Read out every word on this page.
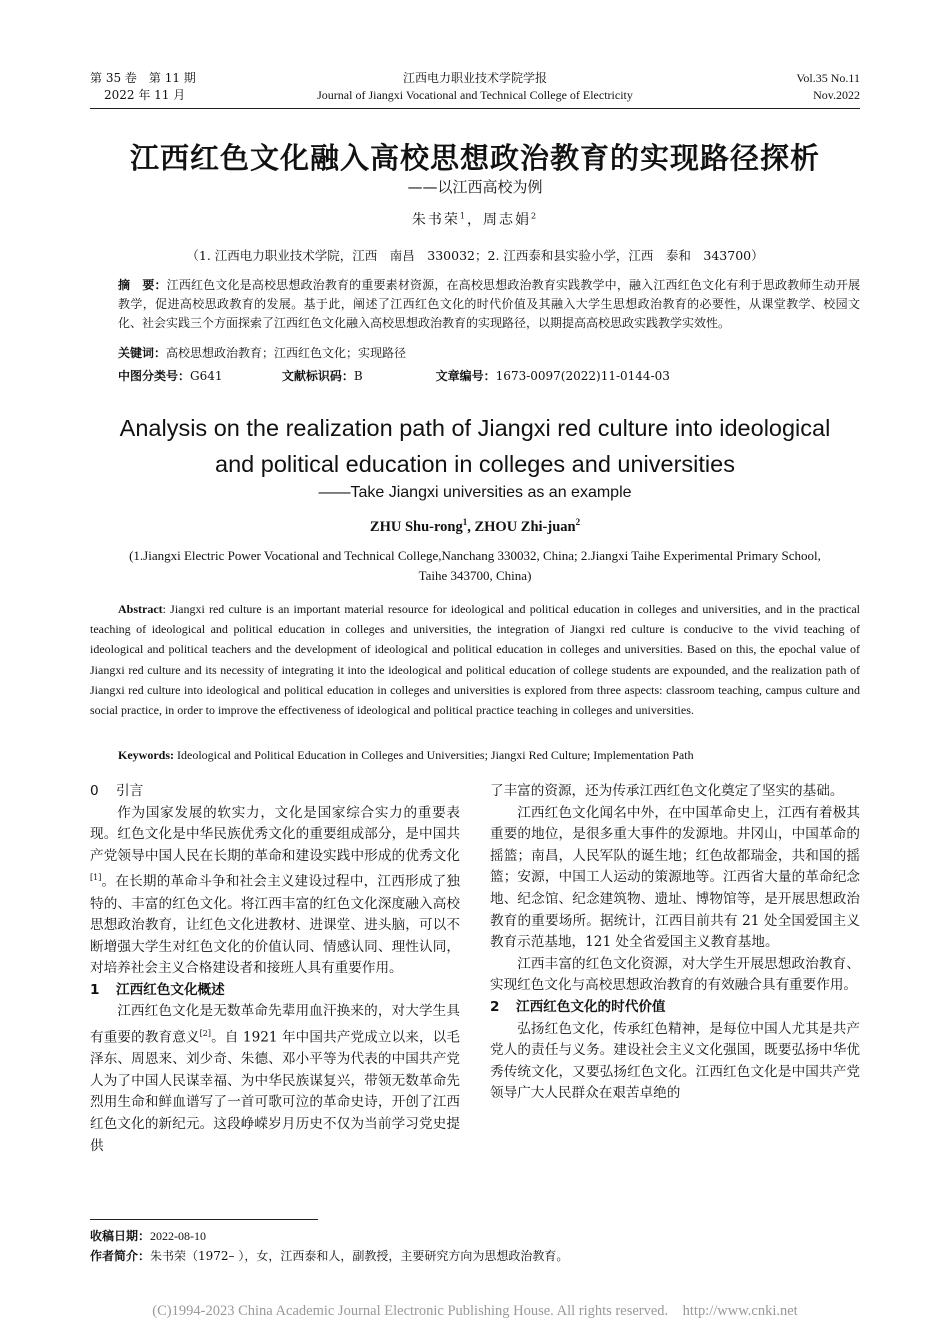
第 35 卷　第 11 期
2022 年 11 月
江西电力职业技术学院学报
Journal of Jiangxi Vocational and Technical College of Electricity
Vol.35 No.11
Nov.2022
江西红色文化融入高校思想政治教育的实现路径探析
——以江西高校为例
朱书荣$^1$，周志娟$^2$
（1. 江西电力职业技术学院，江西　南昌　330032；2. 江西泰和县实验小学，江西　泰和　343700）
摘　要：江西红色文化是高校思想政治教育的重要素材资源，在高校思想政治教育实践教学中，融入江西红色文化有利于思政教师生动开展教学，促进高校思政教育的发展。基于此，阐述了江西红色文化的时代价值及其融入大学生思想政治教育的必要性，从课堂教学、校园文化、社会实践三个方面探索了江西红色文化融入高校思想政治教育的实现路径，以期提高高校思政实践教学实效性。
关键词：高校思想政治教育；江西红色文化；实现路径
中图分类号：G641	文献标识码：B	文章编号：1673-0097(2022)11-0144-03
Analysis on the realization path of Jiangxi red culture into ideological
and political education in colleges and universities
——Take Jiangxi universities as an example
ZHU Shu-rong$^1$, ZHOU Zhi-juan$^2$
(1.Jiangxi Electric Power Vocational and Technical College,Nanchang 330032, China; 2.Jiangxi Taihe Experimental Primary School,
Taihe 343700, China)
Abstract: Jiangxi red culture is an important material resource for ideological and political education in colleges and universities, and in the practical teaching of ideological and political education in colleges and universities, the integration of Jiangxi red culture is conducive to the vivid teaching of ideological and political teachers and the development of ideological and political education in colleges and universities. Based on this, the epochal value of Jiangxi red culture and its necessity of integrating it into the ideological and political education of college students are expounded, and the realization path of Jiangxi red culture into ideological and political education in colleges and universities is explored from three aspects: classroom teaching, campus culture and social practice, in order to improve the effectiveness of ideological and political practice teaching in colleges and universities.
Keywords: Ideological and Political Education in Colleges and Universities; Jiangxi Red Culture; Implementation Path
0 引言

作为国家发展的软实力，文化是国家综合实力的重要表现。红色文化是中华民族优秀文化的重要组成部分，是中国共产党领导中国人民在长期的革命和建设实践中形成的优秀文化[1]。在长期的革命斗争和社会主义建设过程中，江西形成了独特的、丰富的红色文化。将江西丰富的红色文化深度融入高校思想政治教育，让红色文化进教材、进课堂、进头脑，可以不断增强大学生对红色文化的价值认同、情感认同、理性认同，对培养社会主义合格建设者和接班人具有重要作用。

1 江西红色文化概述

江西红色文化是无数革命先辈用血汗换来的，对大学生具有重要的教育意义[2]。自 1921 年中国共产党成立以来，以毛泽东、周恩来、刘少奇、朱德、邓小平等为代表的中国共产党人为了中国人民谋幸福、为中华民族谋复兴，带领无数革命先烈用生命和鲜血谱写了一首可歌可泣的革命史诗，开创了江西红色文化的新纪元。这段峥嵘岁月历史不仅为当前学习党史提供

了丰富的资源，还为传承江西红色文化奠定了坚实的基础。

江西红色文化闻名中外，在中国革命史上，江西有着极其重要的地位，是很多重大事件的发源地。井冈山，中国革命的摇篮；南昌，人民军队的诞生地；红色故都瑞金，共和国的摇篮；安源，中国工人运动的策源地等。江西省大量的革命纪念地、纪念馆、纪念建筑物、遗址、博物馆等，是开展思想政治教育的重要场所。据统计，江西目前共有 21 处全国爱国主义教育示范基地，121 处全省爱国主义教育基地。

江西丰富的红色文化资源，对大学生开展思想政治教育、实现红色文化与高校思想政治教育的有效融合具有重要作用。

2 江西红色文化的时代价值

弘扬红色文化，传承红色精神，是每位中国人尤其是共产党人的责任与义务。建设社会主义文化强国，既要弘扬中华优秀传统文化，又要弘扬红色文化。江西红色文化是中国共产党领导广大人民群众在艰苦卓绝的

收稿日期：2022-08-10
作者简介：朱书荣（1972– ），女，江西泰和人，副教授，主要研究方向为思想政治教育。
(C)1994-2023 China Academic Journal Electronic Publishing House. All rights reserved.　http://www.cnki.net
